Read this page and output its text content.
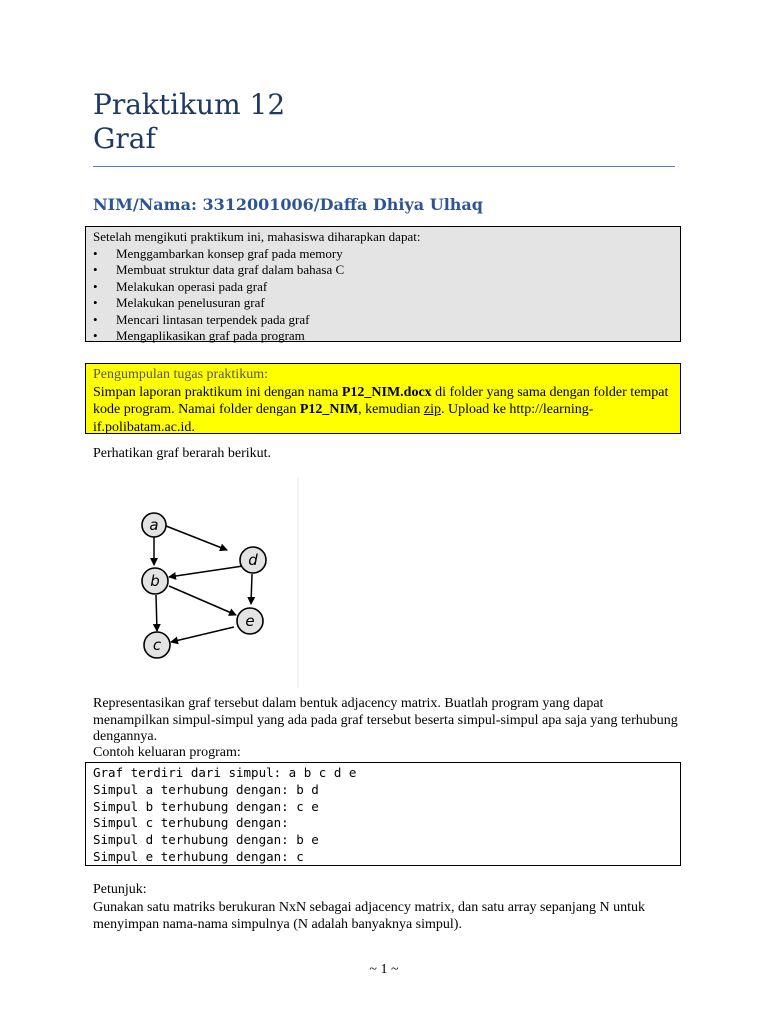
Praktikum 12
Graf
NIM/Nama: 3312001006/Daffa Dhiya Ulhaq
Setelah mengikuti praktikum ini, mahasiswa diharapkan dapat:
• Menggambarkan konsep graf pada memory
• Membuat struktur data graf dalam bahasa C
• Melakukan operasi pada graf
• Melakukan penelusuran graf
• Mencari lintasan terpendek pada graf
• Mengaplikasikan graf pada program
Pengumpulan tugas praktikum:
Simpan laporan praktikum ini dengan nama P12_NIM.docx di folder yang sama dengan folder tempat kode program. Namai folder dengan P12_NIM, kemudian zip. Upload ke http://learning-if.polibatam.ac.id.

Perhatikan graf berarah berikut.

a
b
c
d
e

Representasikan graf tersebut dalam bentuk adjacency matrix. Buatlah program yang dapat menampilkan simpul-simpul yang ada pada graf tersebut beserta simpul-simpul apa saja yang terhubung dengannya.

Contoh keluaran program:

Graf terdiri dari simpul: a b c d e
Simpul a terhubung dengan: b d
Simpul b terhubung dengan: c e
Simpul c terhubung dengan:
Simpul d terhubung dengan: b e
Simpul e terhubung dengan: c

Petunjuk:

Gunakan satu matriks berukuran NxN sebagai adjacency matrix, dan satu array sepanjang N untuk menyimpan nama-nama simpulnya (N adalah banyaknya simpul).

~ 1 ~
